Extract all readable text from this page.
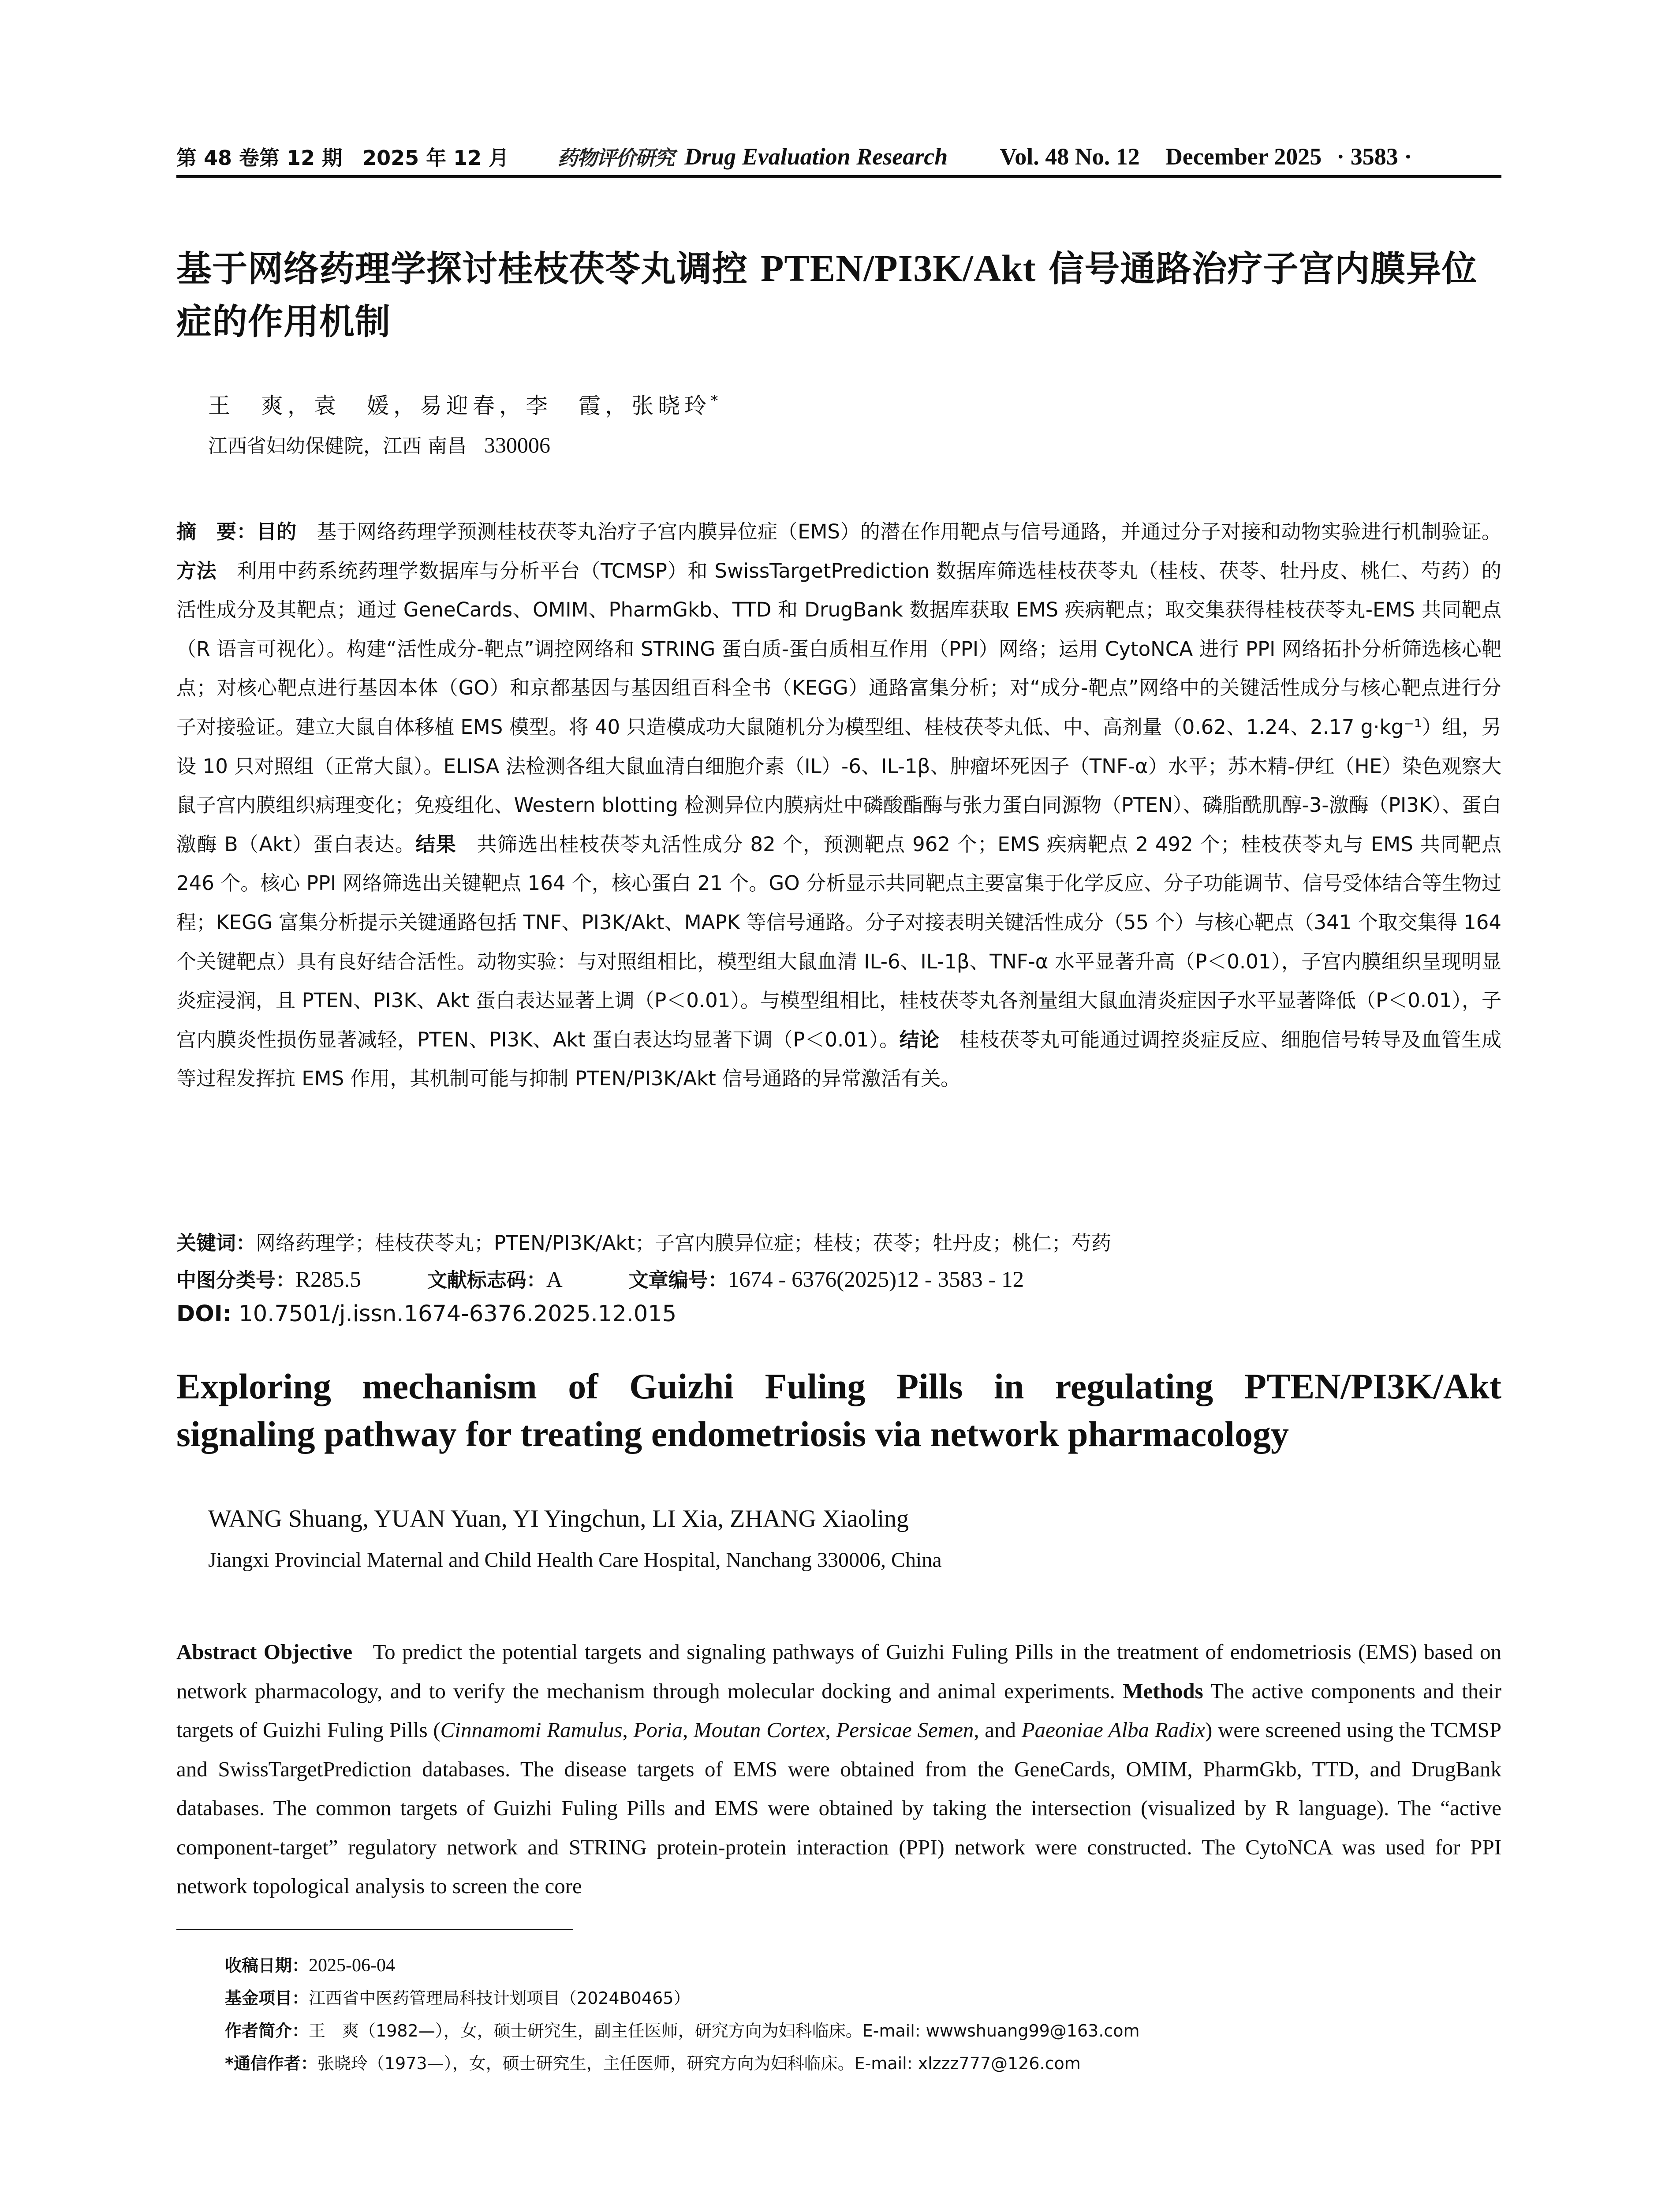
第 48 卷第 12 期　2025 年 12 月 药物评价研究 Drug Evaluation Research Vol. 48 No. 12 December 2025 · 3583 ·
基于网络药理学探讨桂枝茯苓丸调控 PTEN/PI3K/Akt 信号通路治疗子宫内膜异位症的作用机制
王　爽，袁　媛，易迎春，李　霞，张晓玲*
江西省妇幼保健院，江西 南昌 330006
摘　要：目的　基于网络药理学预测桂枝茯苓丸治疗子宫内膜异位症（EMS）的潜在作用靶点与信号通路，并通过分子对接和动物实验进行机制验证。方法　利用中药系统药理学数据库与分析平台（TCMSP）和 SwissTargetPrediction 数据库筛选桂枝茯苓丸（桂枝、茯苓、牡丹皮、桃仁、芍药）的活性成分及其靶点；通过 GeneCards、OMIM、PharmGkb、TTD 和 DrugBank 数据库获取 EMS 疾病靶点；取交集获得桂枝茯苓丸-EMS 共同靶点（R 语言可视化）。构建“活性成分-靶点”调控网络和 STRING 蛋白质-蛋白质相互作用（PPI）网络；运用 CytoNCA 进行 PPI 网络拓扑分析筛选核心靶点；对核心靶点进行基因本体（GO）和京都基因与基因组百科全书（KEGG）通路富集分析；对“成分-靶点”网络中的关键活性成分与核心靶点进行分子对接验证。建立大鼠自体移植 EMS 模型。将 40 只造模成功大鼠随机分为模型组、桂枝茯苓丸低、中、高剂量（0.62、1.24、2.17 g·kg⁻¹）组，另设 10 只对照组（正常大鼠）。ELISA 法检测各组大鼠血清白细胞介素（IL）-6、IL-1β、肿瘤坏死因子（TNF-α）水平；苏木精-伊红（HE）染色观察大鼠子宫内膜组织病理变化；免疫组化、Western blotting 检测异位内膜病灶中磷酸酯酶与张力蛋白同源物（PTEN）、磷脂酰肌醇-3-激酶（PI3K）、蛋白激酶 B（Akt）蛋白表达。结果　共筛选出桂枝茯苓丸活性成分 82 个，预测靶点 962 个；EMS 疾病靶点 2 492 个；桂枝茯苓丸与 EMS 共同靶点 246 个。核心 PPI 网络筛选出关键靶点 164 个，核心蛋白 21 个。GO 分析显示共同靶点主要富集于化学反应、分子功能调节、信号受体结合等生物过程；KEGG 富集分析提示关键通路包括 TNF、PI3K/Akt、MAPK 等信号通路。分子对接表明关键活性成分（55 个）与核心靶点（341 个取交集得 164 个关键靶点）具有良好结合活性。动物实验：与对照组相比，模型组大鼠血清 IL-6、IL-1β、TNF-α 水平显著升高（P＜0.01），子宫内膜组织呈现明显炎症浸润，且 PTEN、PI3K、Akt 蛋白表达显著上调（P＜0.01）。与模型组相比，桂枝茯苓丸各剂量组大鼠血清炎症因子水平显著降低（P＜0.01），子宫内膜炎性损伤显著减轻，PTEN、PI3K、Akt 蛋白表达均显著下调（P＜0.01）。结论　桂枝茯苓丸可能通过调控炎症反应、细胞信号转导及血管生成等过程发挥抗 EMS 作用，其机制可能与抑制 PTEN/PI3K/Akt 信号通路的异常激活有关。
关键词：网络药理学；桂枝茯苓丸；PTEN/PI3K/Akt；子宫内膜异位症；桂枝；茯苓；牡丹皮；桃仁；芍药
中图分类号：R285.5	文献标志码：A	文章编号：1674 - 6376(2025)12 - 3583 - 12
DOI: 10.7501/j.issn.1674-6376.2025.12.015
Exploring mechanism of Guizhi Fuling Pills in regulating PTEN/PI3K/Akt
signaling pathway for treating endometriosis via network pharmacology
WANG Shuang, YUAN Yuan, YI Yingchun, LI Xia, ZHANG Xiaoling
Jiangxi Provincial Maternal and Child Health Care Hospital, Nanchang 330006, China
Abstract Objective To predict the potential targets and signaling pathways of Guizhi Fuling Pills in the treatment of endometriosis (EMS) based on network pharmacology, and to verify the mechanism through molecular docking and animal experiments. Methods The active components and their targets of Guizhi Fuling Pills (Cinnamomi Ramulus, Poria, Moutan Cortex, Persicae Semen, and Paeoniae Alba Radix) were screened using the TCMSP and SwissTargetPrediction databases. The disease targets of EMS were obtained from the GeneCards, OMIM, PharmGkb, TTD, and DrugBank databases. The common targets of Guizhi Fuling Pills and EMS were obtained by taking the intersection (visualized by R language). The “active component-target” regulatory network and STRING protein-protein interaction (PPI) network were constructed. The CytoNCA was used for PPI network topological analysis to screen the core
收稿日期：2025-06-04
基金项目：江西省中医药管理局科技计划项目（2024B0465）
作者简介：王　爽（1982—），女，硕士研究生，副主任医师，研究方向为妇科临床。E-mail: wwwshuang99@163.com
*通信作者：张晓玲（1973—），女，硕士研究生，主任医师，研究方向为妇科临床。E-mail: xlzzz777@126.com
